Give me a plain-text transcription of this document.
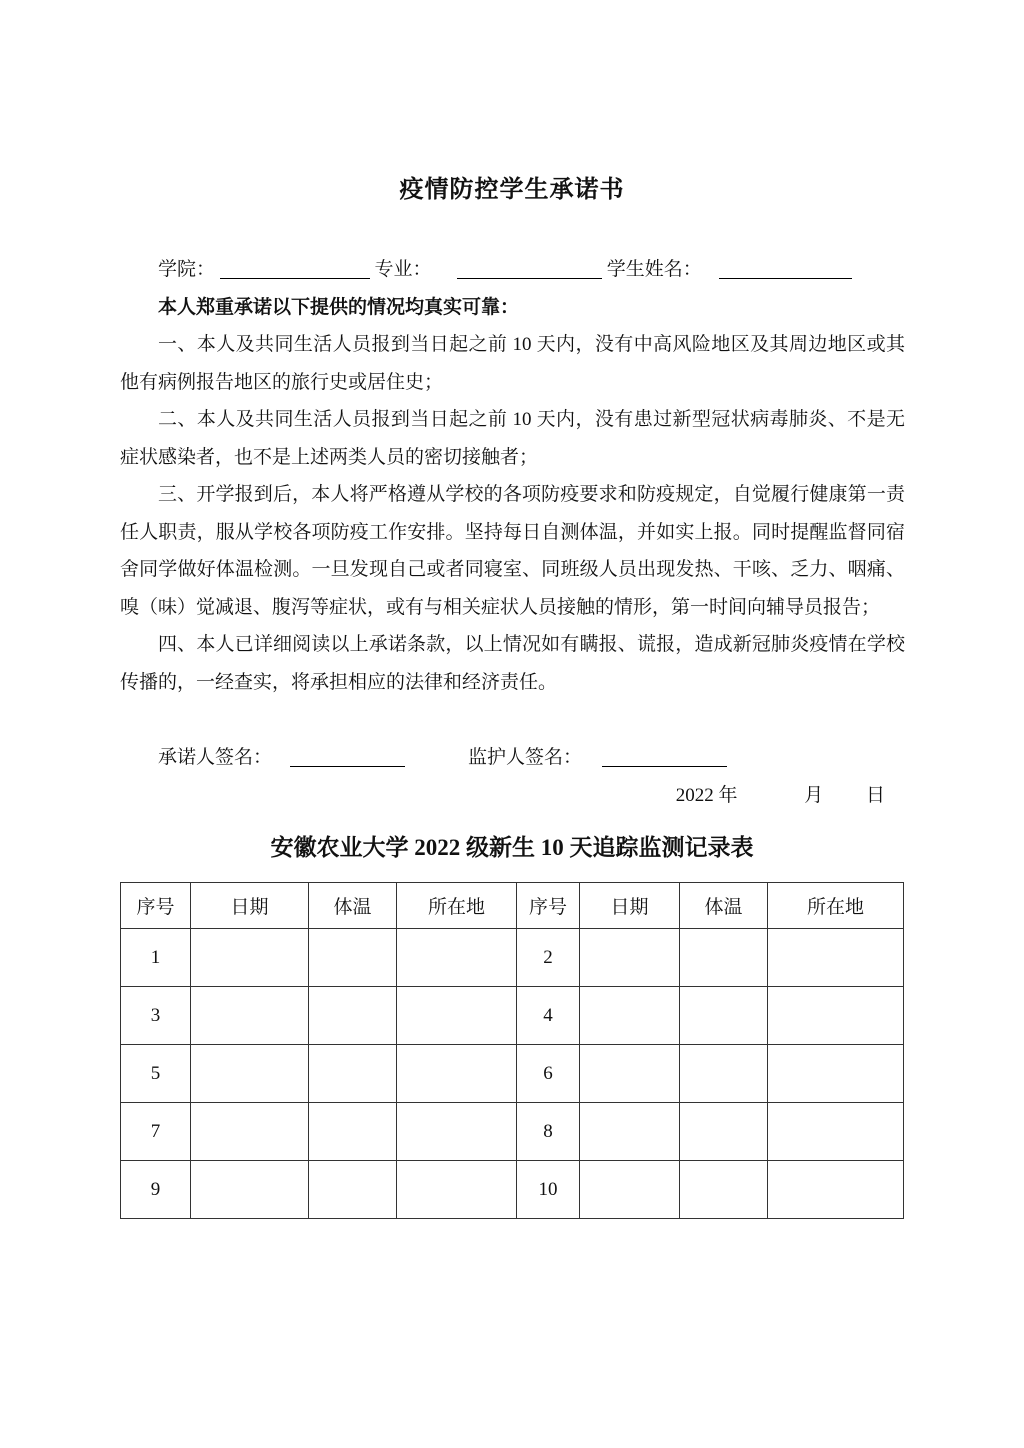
疫情防控学生承诺书
学院：	专业：	学生姓名：

本人郑重承诺以下提供的情况均真实可靠：

一、本人及共同生活人员报到当日起之前 10 天内，没有中高风险地区及其周边地区或其他有病例报告地区的旅行史或居住史；

二、本人及共同生活人员报到当日起之前 10 天内，没有患过新型冠状病毒肺炎、不是无症状感染者，也不是上述两类人员的密切接触者；

三、开学报到后，本人将严格遵从学校的各项防疫要求和防疫规定，自觉履行健康第一责任人职责，服从学校各项防疫工作安排。坚持每日自测体温，并如实上报。同时提醒监督同宿舍同学做好体温检测。一旦发现自己或者同寝室、同班级人员出现发热、干咳、乏力、咽痛、嗅（味）觉减退、腹泻等症状，或有与相关症状人员接触的情形，第一时间向辅导员报告；

四、本人已详细阅读以上承诺条款，以上情况如有瞒报、谎报，造成新冠肺炎疫情在学校传播的，一经查实，将承担相应的法律和经济责任。

承诺人签名：	监护人签名：
2022 年	月 日
安徽农业大学 2022 级新生 10 天追踪监测记录表
序号	日期	体温	所在地	序号	日期	体温	所在地
1				2			
3				4			
5				6			
7				8			
9				10			
